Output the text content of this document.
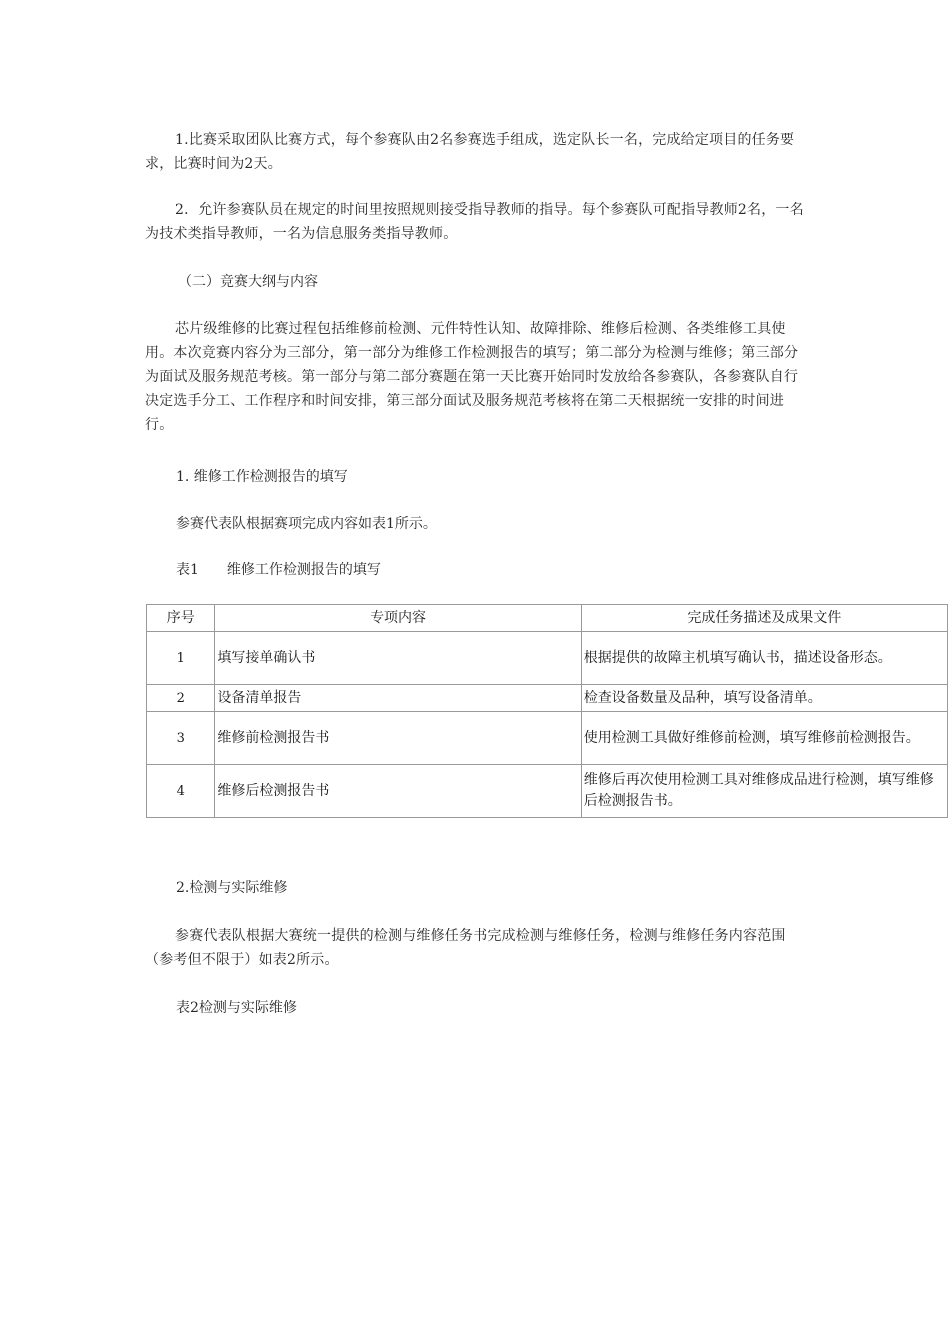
1.比赛采取团队比赛方式，每个参赛队由2名参赛选手组成，选定队长一名，完成给定项目的任务要求，比赛时间为2天。

2．允许参赛队员在规定的时间里按照规则接受指导教师的指导。每个参赛队可配指导教师2名，一名为技术类指导教师，一名为信息服务类指导教师。

（二）竞赛大纲与内容

芯片级维修的比赛过程包括维修前检测、元件特性认知、故障排除、维修后检测、各类维修工具使用。本次竞赛内容分为三部分，第一部分为维修工作检测报告的填写；第二部分为检测与维修；第三部分为面试及服务规范考核。第一部分与第二部分赛题在第一天比赛开始同时发放给各参赛队，各参赛队自行决定选手分工、工作程序和时间安排，第三部分面试及服务规范考核将在第二天根据统一安排的时间进行。

1. 维修工作检测报告的填写
参赛代表队根据赛项完成内容如表1所示。
表1　　维修工作检测报告的填写
序号	专项内容	完成任务描述及成果文件
1	填写接单确认书	根据提供的故障主机填写确认书，描述设备形态。
2	设备清单报告	检查设备数量及品种，填写设备清单。
3	维修前检测报告书	使用检测工具做好维修前检测，填写维修前检测报告。
4	维修后检测报告书	维修后再次使用检测工具对维修成品进行检测，填写维修后检测报告书。
2.检测与实际维修

参赛代表队根据大赛统一提供的检测与维修任务书完成检测与维修任务，检测与维修任务内容范围（参考但不限于）如表2所示。

表2检测与实际维修
